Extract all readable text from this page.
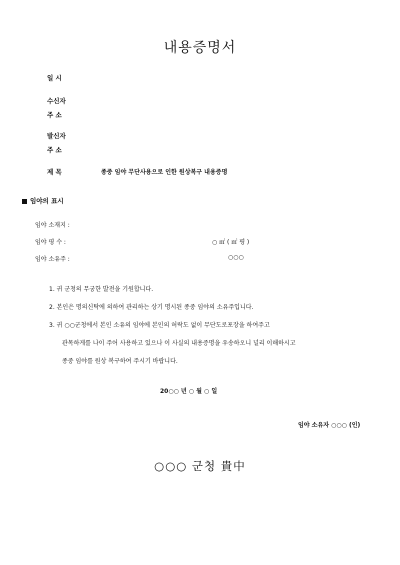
내용증명서
일 시
수신자
주 소
발신자
주 소
제 목	종중 임야 무단사용으로 인한 원상복구 내용증명
임야의 표시
임야 소재지 :
임야 평 수 :	○ ㎡ ( ㎡ 평 )
임야 소유주 :	○○○
1. 귀 군청의 무궁한 발전을 기원합니다.
2. 본인은 명의신탁에 의하여 관리하는 상기 명시된 종중 임야의 소유주입니다.
3. 귀 ○○군청에서 본인 소유의 임야에 본인의 허락도 없이 무단도로포장을 하여주고
관목하게를 나이 주어 사용하고 있으나 이 사실의 내용증명을 우송하오니 널리 이해하시고
종중 임야를 원상 복구하여 주시기 바랍니다.
20○○ 년 ○ 월 ○ 일
임야 소유자 ○○○ (인)
○○○ 군청 貴中
